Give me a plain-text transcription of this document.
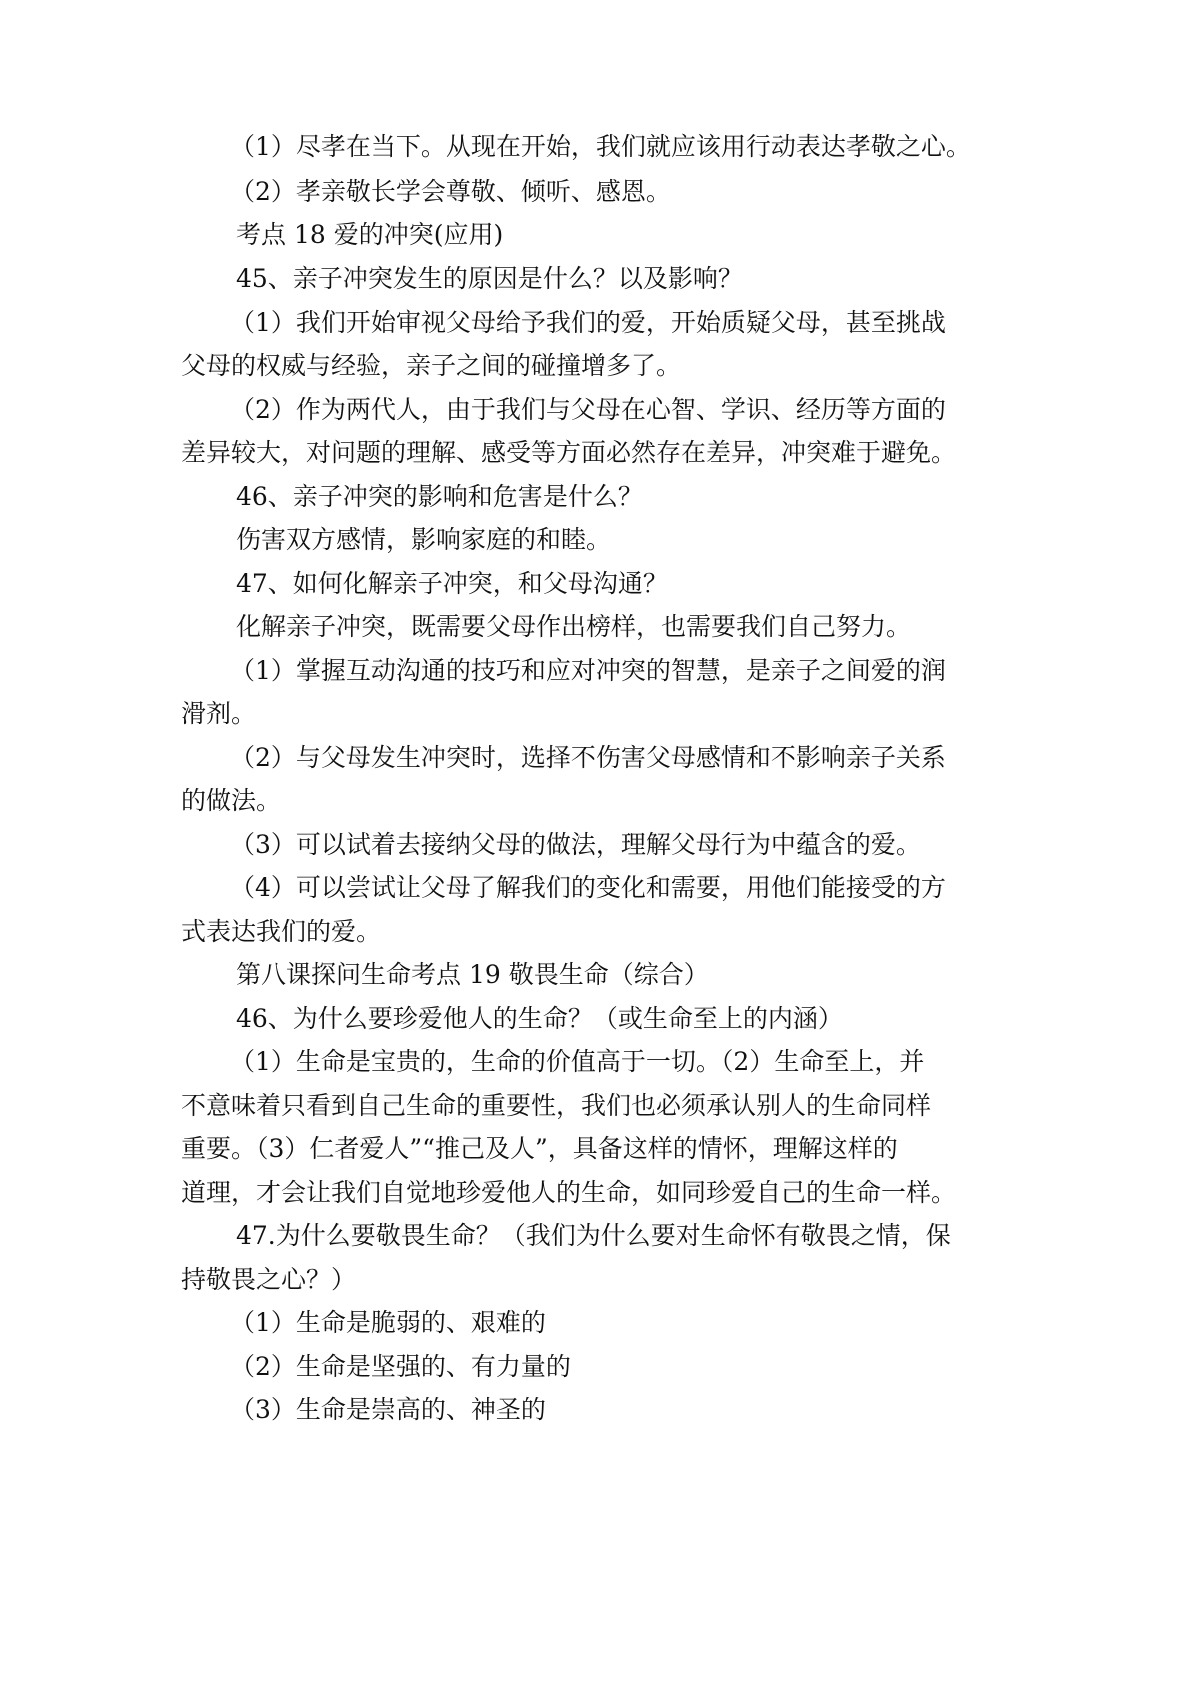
（1）尽孝在当下。从现在开始，我们就应该用行动表达孝敬之心。
（2）孝亲敬长学会尊敬、倾听、感恩。
考点 18 爱的冲突(应用)
45、亲子冲突发生的原因是什么？以及影响？
（1）我们开始审视父母给予我们的爱，开始质疑父母，甚至挑战
父母的权威与经验，亲子之间的碰撞增多了。
（2）作为两代人，由于我们与父母在心智、学识、经历等方面的
差异较大，对问题的理解、感受等方面必然存在差异，冲突难于避免。
46、亲子冲突的影响和危害是什么？
伤害双方感情，影响家庭的和睦。
47、如何化解亲子冲突，和父母沟通？
化解亲子冲突，既需要父母作出榜样，也需要我们自己努力。
（1）掌握互动沟通的技巧和应对冲突的智慧，是亲子之间爱的润
滑剂。
（2）与父母发生冲突时，选择不伤害父母感情和不影响亲子关系
的做法。
（3）可以试着去接纳父母的做法，理解父母行为中蕴含的爱。
（4）可以尝试让父母了解我们的变化和需要，用他们能接受的方
式表达我们的爱。
第八课探问生命考点 19 敬畏生命（综合）
46、为什么要珍爱他人的生命？（或生命至上的内涵）
（1）生命是宝贵的，生命的价值高于一切。（2）生命至上，并
不意味着只看到自己生命的重要性，我们也必须承认别人的生命同样
重要。（3）仁者爱人”“推己及人”，具备这样的情怀，理解这样的
道理，才会让我们自觉地珍爱他人的生命，如同珍爱自己的生命一样。
47.为什么要敬畏生命？（我们为什么要对生命怀有敬畏之情，保
持敬畏之心？）
（1）生命是脆弱的、艰难的
（2）生命是坚强的、有力量的
（3）生命是崇高的、神圣的
